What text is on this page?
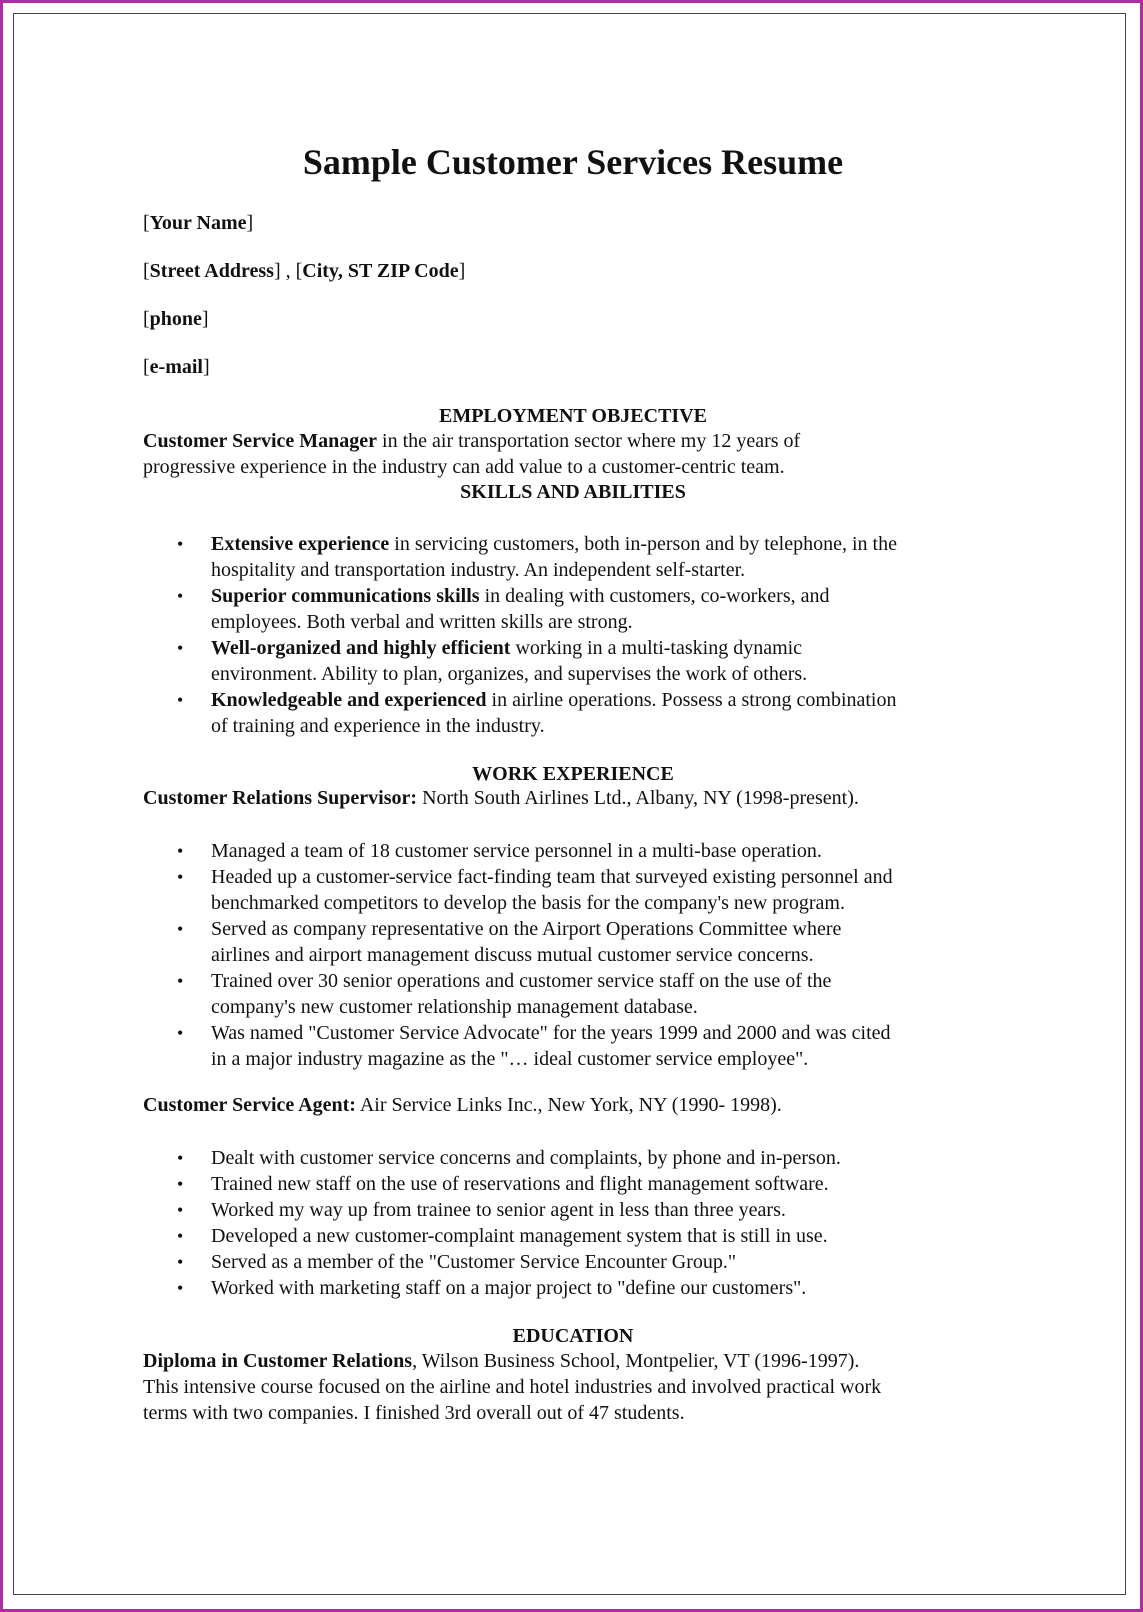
Sample Customer Services Resume

[Your Name]

[Street Address] , [City, ST ZIP Code]

[phone]

[e-mail]

EMPLOYMENT OBJECTIVE
Customer Service Manager in the air transportation sector where my 12 years of
progressive experience in the industry can add value to a customer-centric team.
SKILLS AND ABILITIES
• Extensive experience in servicing customers, both in-person and by telephone, in the
hospitality and transportation industry. An independent self-starter.
• Superior communications skills in dealing with customers, co-workers, and
employees. Both verbal and written skills are strong.
• Well-organized and highly efficient working in a multi-tasking dynamic
environment. Ability to plan, organizes, and supervises the work of others.
• Knowledgeable and experienced in airline operations. Possess a strong combination
of training and experience in the industry.
WORK EXPERIENCE
Customer Relations Supervisor: North South Airlines Ltd., Albany, NY (1998-present).
• Managed a team of 18 customer service personnel in a multi-base operation.
• Headed up a customer-service fact-finding team that surveyed existing personnel and
benchmarked competitors to develop the basis for the company's new program.
• Served as company representative on the Airport Operations Committee where
airlines and airport management discuss mutual customer service concerns.
• Trained over 30 senior operations and customer service staff on the use of the
company's new customer relationship management database.
• Was named "Customer Service Advocate" for the years 1999 and 2000 and was cited
in a major industry magazine as the "… ideal customer service employee".
Customer Service Agent: Air Service Links Inc., New York, NY (1990- 1998).
• Dealt with customer service concerns and complaints, by phone and in-person.
• Trained new staff on the use of reservations and flight management software.
• Worked my way up from trainee to senior agent in less than three years.
• Developed a new customer-complaint management system that is still in use.
• Served as a member of the "Customer Service Encounter Group."
• Worked with marketing staff on a major project to "define our customers".
EDUCATION
Diploma in Customer Relations, Wilson Business School, Montpelier, VT (1996-1997).
This intensive course focused on the airline and hotel industries and involved practical work
terms with two companies. I finished 3rd overall out of 47 students.
